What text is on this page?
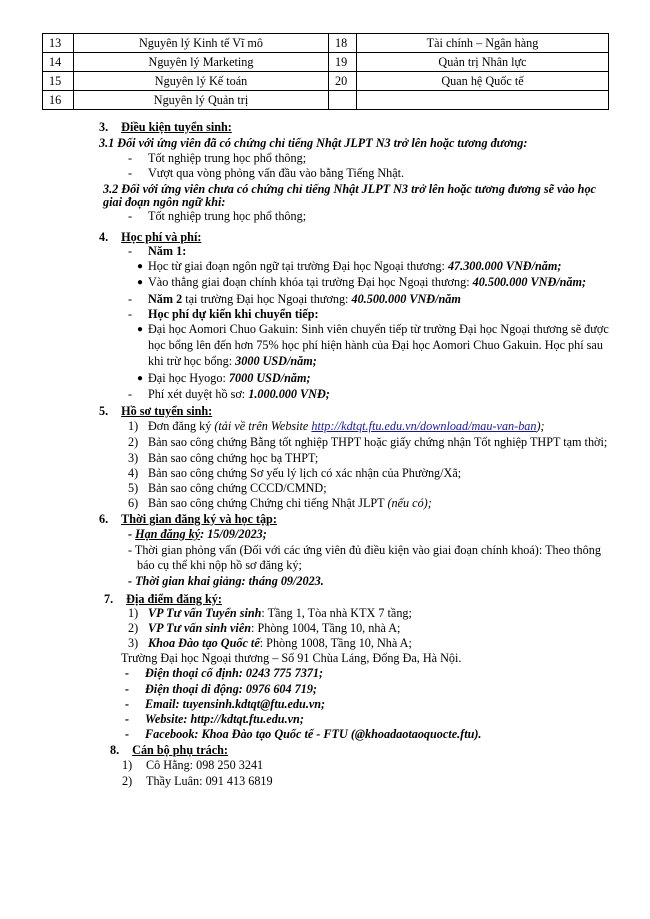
13	Nguyên lý Kinh tế Vĩ mô	18	Tài chính – Ngân hàng
14	Nguyên lý Marketing	19	Quản trị Nhân lực
15	Nguyên lý Kế toán	20	Quan hệ Quốc tế
16	Nguyên lý Quản trị		
3. Điều kiện tuyển sinh:
3.1 Đối với ứng viên đã có chứng chỉ tiếng Nhật JLPT N3 trở lên hoặc tương đương:
- Tốt nghiệp trung học phổ thông;
- Vượt qua vòng phỏng vấn đầu vào bằng Tiếng Nhật.
3.2 Đối với ứng viên chưa có chứng chỉ tiếng Nhật JLPT N3 trở lên hoặc tương đương sẽ vào học
giai đoạn ngôn ngữ khi:
- Tốt nghiệp trung học phổ thông;
4. Học phí và phí:
- Năm 1:
● Học từ giai đoạn ngôn ngữ tại trường Đại học Ngoại thương: 47.300.000 VNĐ/năm;
● Vào thẳng giai đoạn chính khóa tại trường Đại học Ngoại thương: 40.500.000 VNĐ/năm;
- Năm 2 tại trường Đại học Ngoại thương: 40.500.000 VNĐ/năm
- Học phí dự kiến khi chuyển tiếp:
● Đại học Aomori Chuo Gakuin: Sinh viên chuyển tiếp từ trường Đại học Ngoại thương sẽ được
học bổng lên đến hơn 75% học phí hiện hành của Đại học Aomori Chuo Gakuin. Học phí sau
khi trừ học bổng: 3000 USD/năm;
● Đại học Hyogo: 7000 USD/năm;
- Phí xét duyệt hồ sơ: 1.000.000 VNĐ;
5. Hồ sơ tuyển sinh:
1) Đơn đăng ký (tải về trên Website http://kdtqt.ftu.edu.vn/download/mau-van-ban);
2) Bản sao công chứng Bằng tốt nghiệp THPT hoặc giấy chứng nhận Tốt nghiệp THPT tạm thời;
3) Bản sao công chứng học bạ THPT;
4) Bản sao công chứng Sơ yếu lý lịch có xác nhận của Phường/Xã;
5) Bản sao công chứng CCCD/CMND;
6) Bản sao công chứng Chứng chỉ tiếng Nhật JLPT (nếu có);
6. Thời gian đăng ký và học tập:
- Hạn đăng ký: 15/09/2023;
- Thời gian phỏng vấn (Đối với các ứng viên đủ điều kiện vào giai đoạn chính khoá): Theo thông
báo cụ thể khi nộp hồ sơ đăng ký;
- Thời gian khai giảng: tháng 09/2023.
7. Địa điểm đăng ký:
1) VP Tư vấn Tuyển sinh: Tầng 1, Tòa nhà KTX 7 tầng;
2) VP Tư vấn sinh viên: Phòng 1004, Tầng 10, nhà A;
3) Khoa Đào tạo Quốc tế: Phòng 1008, Tầng 10, Nhà A;
Trường Đại học Ngoại thương – Số 91 Chùa Láng, Đống Đa, Hà Nội.
- Điện thoại cố định: 0243 775 7371;
- Điện thoại di động: 0976 604 719;
- Email: tuyensinh.kdtqt@ftu.edu.vn;
- Website: http://kdtqt.ftu.edu.vn;
- Facebook: Khoa Đào tạo Quốc tế - FTU (@khoadaotaoquocte.ftu).
8. Cán bộ phụ trách:
1) Cô Hằng: 098 250 3241
2) Thầy Luân: 091 413 6819
